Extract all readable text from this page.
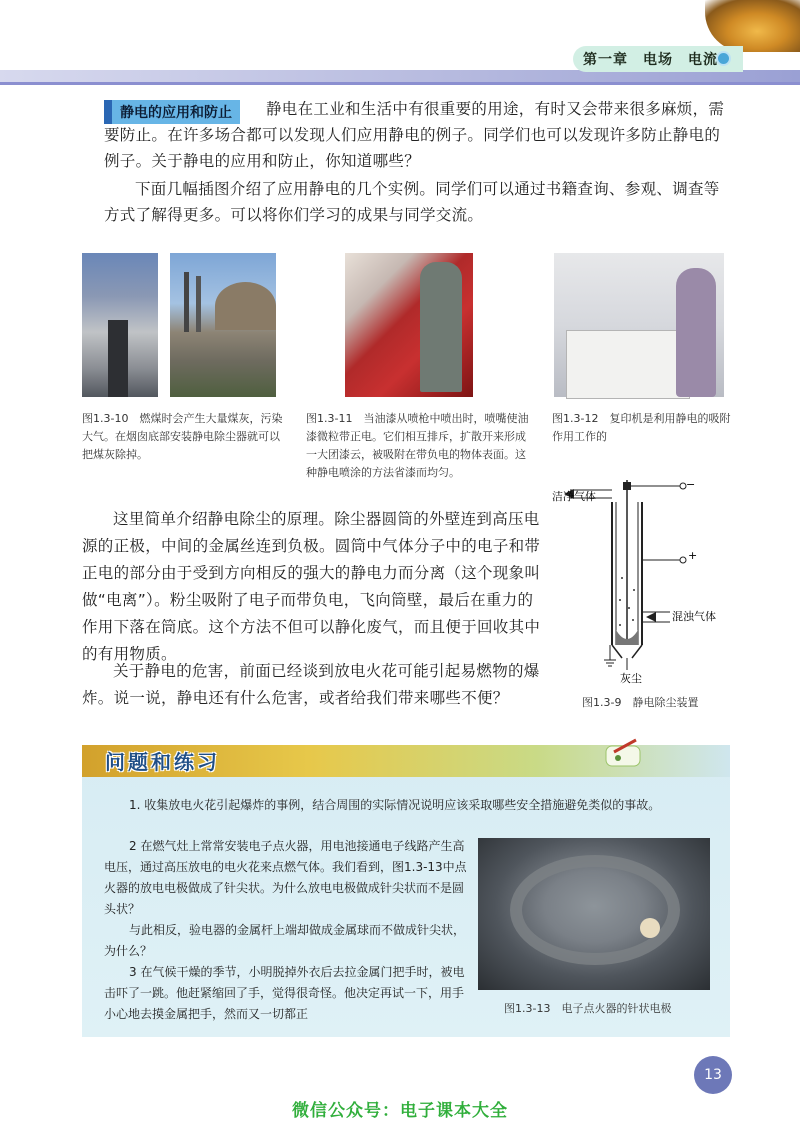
第一章　电场　电流
静电在工业和生活中有很重要的用途，有时又会带来很多麻烦，需要防止。在许多场合都可以发现人们应用静电的例子。同学们也可以发现许多防止静电的例子。关于静电的应用和防止，你知道哪些？
静电的应用和防止
下面几幅插图介绍了应用静电的几个实例。同学们可以通过书籍查询、参观、调查等方式了解得更多。可以将你们学习的成果与同学交流。
图1.3-10　燃煤时会产生大量煤灰，污染大气。在烟囱底部安装静电除尘器就可以把煤灰除掉。
图1.3-11　当油漆从喷枪中喷出时，喷嘴使油漆微粒带正电。它们相互排斥，扩散开来形成一大团漆云，被吸附在带负电的物体表面。这种静电喷涂的方法省漆而均匀。
图1.3-12　复印机是利用静电的吸附作用工作的
这里简单介绍静电除尘的原理。除尘器圆筒的外壁连到高压电源的正极，中间的金属丝连到负极。圆筒中气体分子中的电子和带正电的部分由于受到方向相反的强大的静电力而分离（这个现象叫做“电离”）。粉尘吸附了电子而带负电，飞向筒壁，最后在重力的作用下落在筒底。这个方法不但可以静化废气，而且便于回收其中的有用物质。
关于静电的危害，前面已经谈到放电火花可能引起易燃物的爆炸。说一说，静电还有什么危害，或者给我们带来哪些不便？
−
+
洁净气体
混浊气体
灰尘
图1.3-9　静电除尘装置
问题和练习
1. 收集放电火花引起爆炸的事例，结合周围的实际情况说明应该采取哪些安全措施避免类似的事故。
2 在燃气灶上常常安装电子点火器，用电池接通电子线路产生高电压，通过高压放电的电火花来点燃气体。我们看到，图1.3-13中点火器的放电电极做成了针尖状。为什么放电电极做成针尖状而不是圆头状？
与此相反，验电器的金属杆上端却做成金属球而不做成针尖状，为什么？
3 在气候干燥的季节，小明脱掉外衣后去拉金属门把手时，被电击吓了一跳。他赶紧缩回了手，觉得很奇怪。他决定再试一下，用手小心地去摸金属把手，然而又一切都正	图1.3-13　电子点火器的针状电极
13
微信公众号：电子课本大全
